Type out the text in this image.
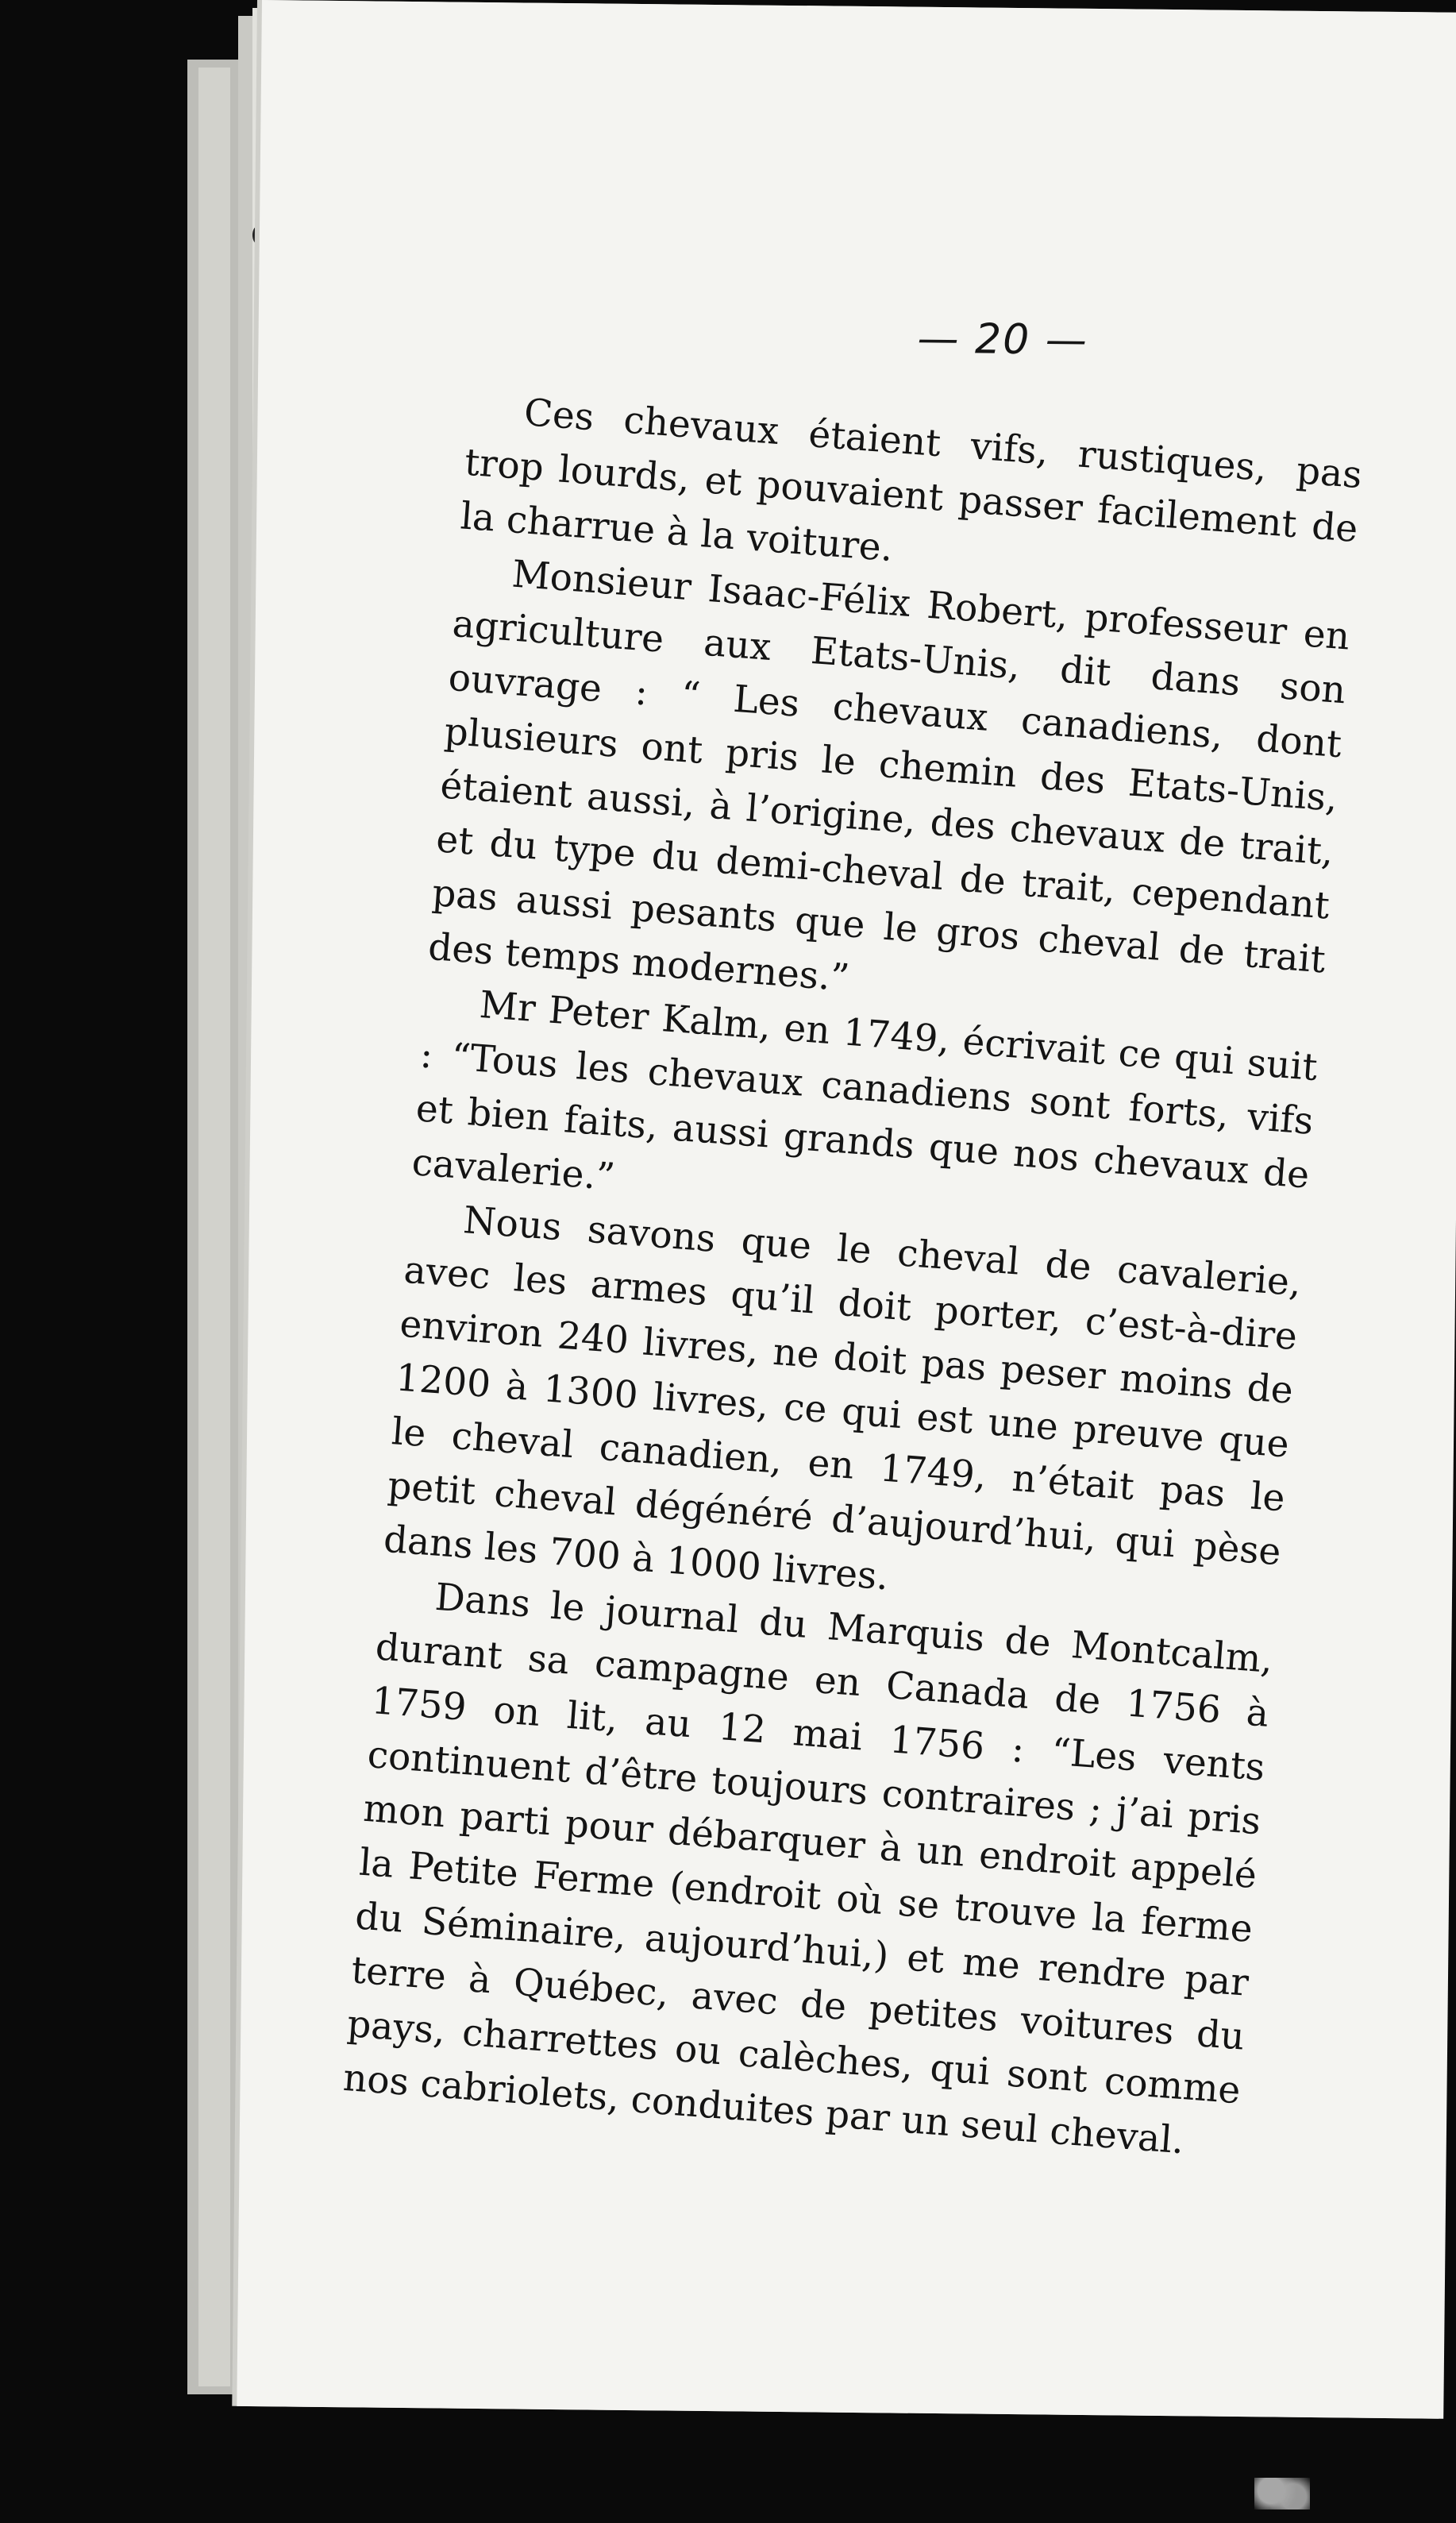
— 20 —

Ces chevaux étaient vifs, rustiques, pas trop lourds, et pouvaient passer facilement de la charrue à la voiture.

Monsieur Isaac-Félix Robert, professeur en agriculture aux Etats-Unis, dit dans son ouvrage : “ Les chevaux canadiens, dont plusieurs ont pris le chemin des Etats-Unis, étaient aussi, à l’origine, des chevaux de trait, et du type du demi-cheval de trait, cependant pas aussi pesants que le gros cheval de trait des temps modernes.”

Mr Peter Kalm, en 1749, écrivait ce qui suit : “Tous les chevaux canadiens sont forts, vifs et bien faits, aussi grands que nos chevaux de cavalerie.”

Nous savons que le cheval de cavalerie, avec les armes qu’il doit porter, c’est-à-dire environ 240 livres, ne doit pas peser moins de 1200 à 1300 livres, ce qui est une preuve que le cheval canadien, en 1749, n’était pas le petit cheval dégénéré d’aujourd’hui, qui pèse dans les 700 à 1000 livres.

Dans le journal du Marquis de Montcalm, durant sa campagne en Canada de 1756 à 1759 on lit, au 12 mai 1756 : “Les vents continuent d’être toujours contraires ; j’ai pris mon parti pour débarquer à un endroit appelé la Petite Ferme (endroit où se trouve la ferme du Séminaire, aujourd’hui,) et me rendre par terre à Québec, avec de petites voitures du pays, charrettes ou calèches, qui sont comme nos cabriolets, conduites par un seul cheval.
